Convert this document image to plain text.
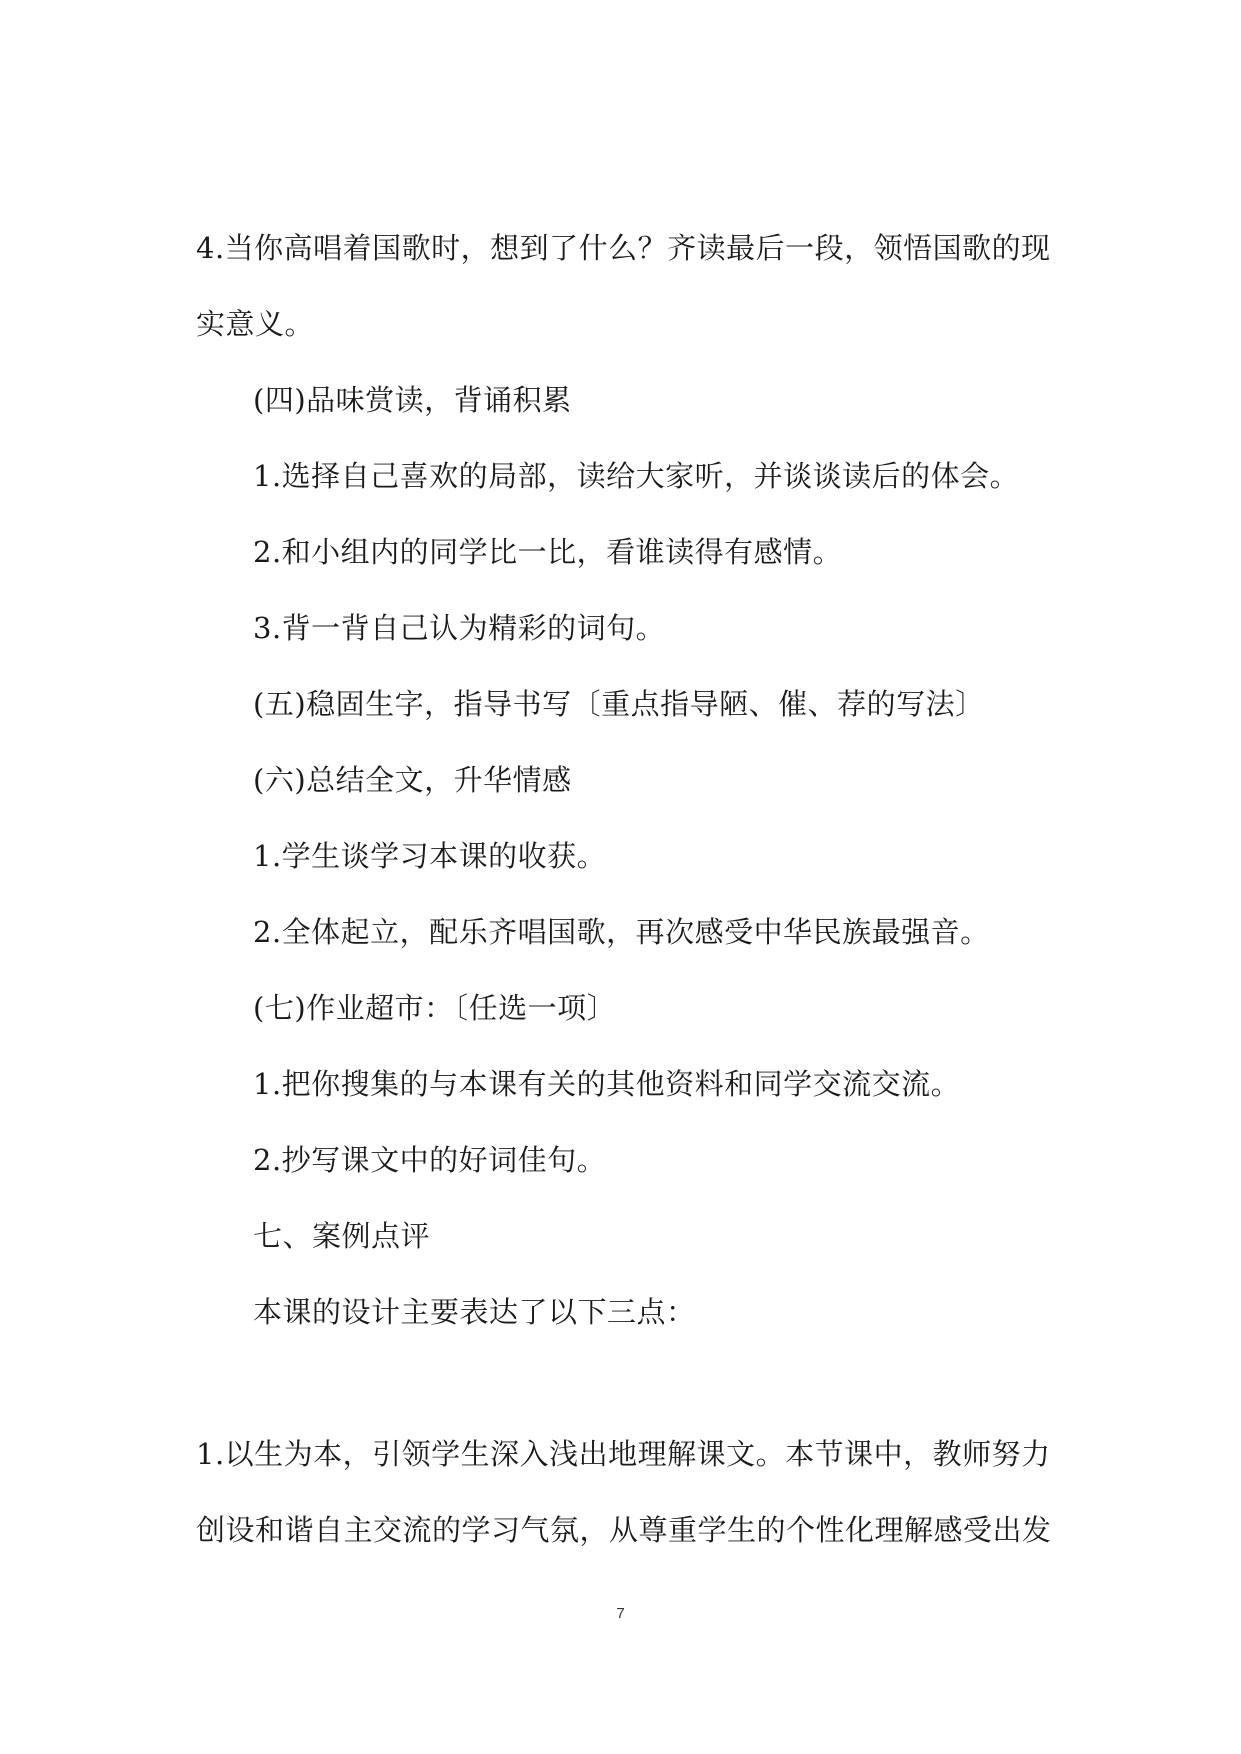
4.当你高唱着国歌时，想到了什么？齐读最后一段，领悟国歌的现
实意义。
(四)品味赏读，背诵积累
1.选择自己喜欢的局部，读给大家听，并谈谈读后的体会。
2.和小组内的同学比一比，看谁读得有感情。
3.背一背自己认为精彩的词句。
(五)稳固生字，指导书写〔重点指导陋、催、荐的写法〕
(六)总结全文，升华情感
1.学生谈学习本课的收获。
2.全体起立，配乐齐唱国歌，再次感受中华民族最强音。
(七)作业超市：〔任选一项〕
1.把你搜集的与本课有关的其他资料和同学交流交流。
2.抄写课文中的好词佳句。
七、案例点评
本课的设计主要表达了以下三点：
1.以生为本，引领学生深入浅出地理解课文。本节课中，教师努力
创设和谐自主交流的学习气氛，从尊重学生的个性化理解感受出发
7
